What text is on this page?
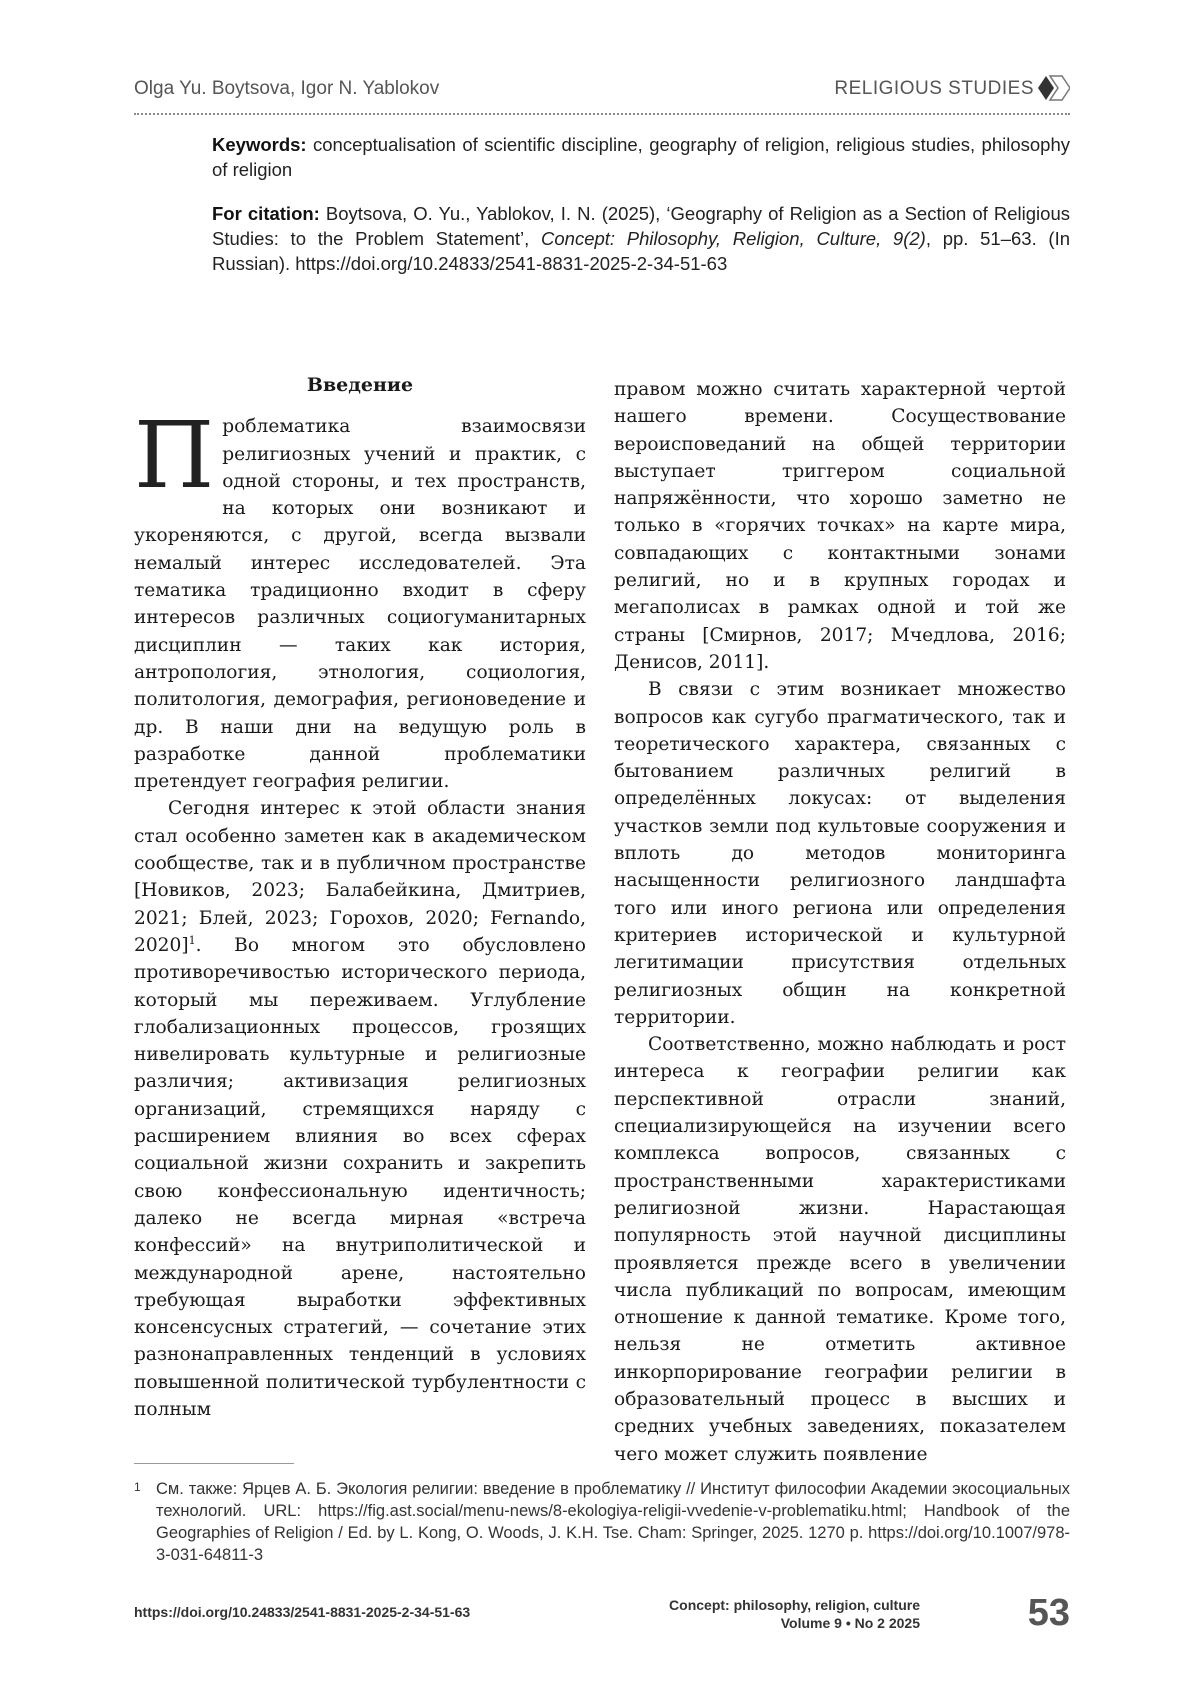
Olga Yu. Boytsova, Igor N. Yablokov	RELIGIOUS STUDIES
Keywords: conceptualisation of scientific discipline, geography of religion, religious studies, philosophy of religion
For citation: Boytsova, O. Yu., Yablokov, I. N. (2025), ‘Geography of Religion as a Section of Religious Studies: to the Problem Statement’, Concept: Philosophy, Religion, Culture, 9(2), pp. 51–63. (In Russian). https://doi.org/10.24833/2541-8831-2025-2-34-51-63
Введение

Проблематика взаимосвязи религиозных учений и практик, с одной стороны, и тех пространств, на которых они возникают и укореняются, с другой, всегда вызвали немалый интерес исследователей. Эта тематика традиционно входит в сферу интересов различных социогуманитарных дисциплин — таких как история, антропология, этнология, социология, политология, демография, регионоведение и др. В наши дни на ведущую роль в разработке данной проблематики претендует география религии.

Сегодня интерес к этой области знания стал особенно заметен как в академическом сообществе, так и в публичном пространстве [Новиков, 2023; Балабейкина, Дмитриев, 2021; Блей, 2023; Горохов, 2020; Fernando, 2020]$^1$. Во многом это обусловлено противоречивостью исторического периода, который мы переживаем. Углубление глобализационных процессов, грозящих нивелировать культурные и религиозные различия; активизация религиозных организаций, стремящихся наряду с расширением влияния во всех сферах социальной жизни сохранить и закрепить свою конфессиональную идентичность; далеко не всегда мирная «встреча конфессий» на внутриполитической и международной арене, настоятельно требующая выработки эффективных консенсусных стратегий, — сочетание этих разнонаправленных тенденций в условиях повышенной политической турбулентности с полным

правом можно считать характерной чертой нашего времени. Сосуществование вероисповеданий на общей территории выступает триггером социальной напряжённости, что хорошо заметно не только в «горячих точках» на карте мира, совпадающих с контактными зонами религий, но и в крупных городах и мегаполисах в рамках одной и той же страны [Смирнов, 2017; Мчедлова, 2016; Денисов, 2011].

В связи с этим возникает множество вопросов как сугубо прагматического, так и теоретического характера, связанных с бытованием различных религий в определённых локусах: от выделения участков земли под культовые сооружения и вплоть до методов мониторинга насыщенности религиозного ландшафта того или иного региона или определения критериев исторической и культурной легитимации присутствия отдельных религиозных общин на конкретной территории.

Соответственно, можно наблюдать и рост интереса к географии религии как перспективной отрасли знаний, специализирующейся на изучении всего комплекса вопросов, связанных с пространственными характеристиками религиозной жизни. Нарастающая популярность этой научной дисциплины проявляется прежде всего в увеличении числа публикаций по вопросам, имеющим отношение к данной тематике. Кроме того, нельзя не отметить активное инкорпорирование географии религии в образовательный процесс в высших и средних учебных заведениях, показателем чего может служить появление

1 См. также: Ярцев А. Б. Экология религии: введение в проблематику // Институт философии Академии экосоциальных технологий. URL: https://fig.ast.social/menu-news/8-ekologiya-religii-vvedenie-v-problematiku.html; Handbook of the Geographies of Religion / Ed. by L. Kong, O. Woods, J. K.H. Tse. Cham: Springer, 2025. 1270 p. https://doi.org/10.1007/978-3-031-64811-3
https://doi.org/10.24833/2541-8831-2025-2-34-51-63	Concept: philosophy, religion, culture
Volume 9 • No 2 2025	53
